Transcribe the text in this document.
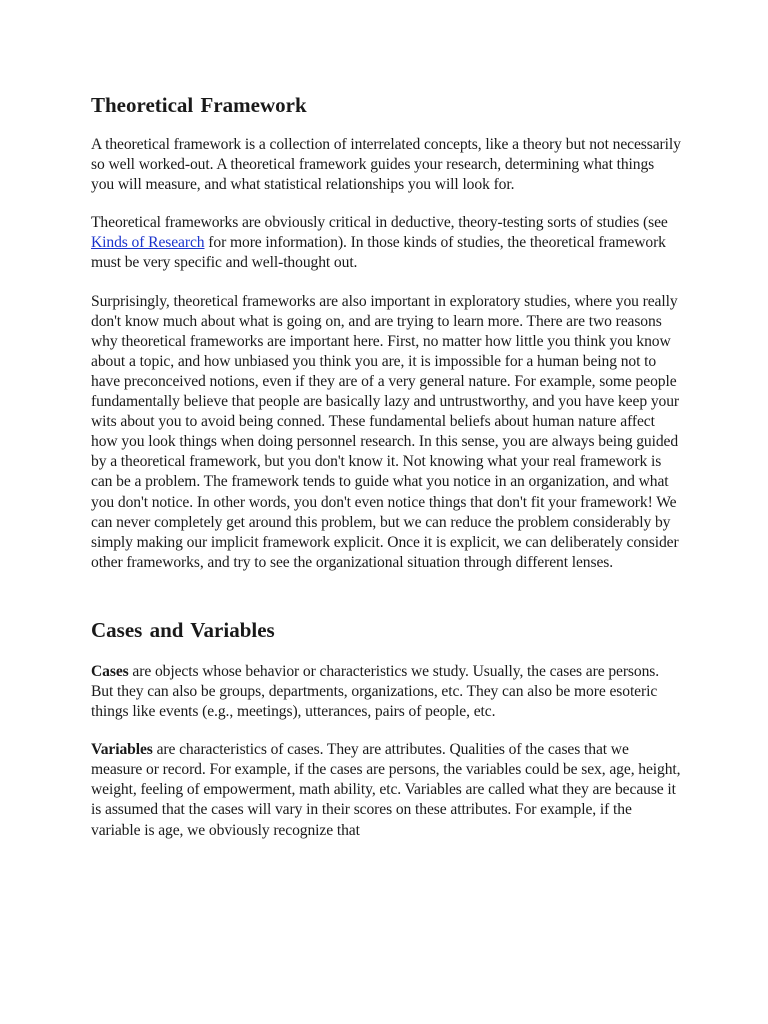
Theoretical Framework

A theoretical framework is a collection of interrelated concepts, like a theory but not necessarily so well worked-out. A theoretical framework guides your research, determining what things you will measure, and what statistical relationships you will look for.

Theoretical frameworks are obviously critical in deductive, theory-testing sorts of studies (see Kinds of Research for more information). In those kinds of studies, the theoretical framework must be very specific and well-thought out.

Surprisingly, theoretical frameworks are also important in exploratory studies, where you really don't know much about what is going on, and are trying to learn more. There are two reasons why theoretical frameworks are important here. First, no matter how little you think you know about a topic, and how unbiased you think you are, it is impossible for a human being not to have preconceived notions, even if they are of a very general nature. For example, some people fundamentally believe that people are basically lazy and untrustworthy, and you have keep your wits about you to avoid being conned. These fundamental beliefs about human nature affect how you look things when doing personnel research. In this sense, you are always being guided by a theoretical framework, but you don't know it. Not knowing what your real framework is can be a problem. The framework tends to guide what you notice in an organization, and what you don't notice. In other words, you don't even notice things that don't fit your framework! We can never completely get around this problem, but we can reduce the problem considerably by simply making our implicit framework explicit. Once it is explicit, we can deliberately consider other frameworks, and try to see the organizational situation through different lenses.

Cases and Variables

Cases are objects whose behavior or characteristics we study. Usually, the cases are persons. But they can also be groups, departments, organizations, etc. They can also be more esoteric things like events (e.g., meetings), utterances, pairs of people, etc.

Variables are characteristics of cases. They are attributes. Qualities of the cases that we measure or record. For example, if the cases are persons, the variables could be sex, age, height, weight, feeling of empowerment, math ability, etc. Variables are called what they are because it is assumed that the cases will vary in their scores on these attributes. For example, if the variable is age, we obviously recognize that
